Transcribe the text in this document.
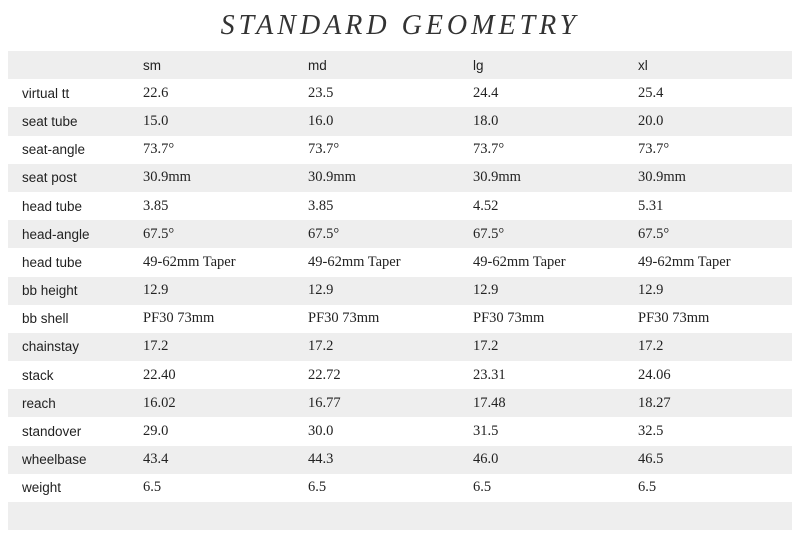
STANDARD GEOMETRY
sm	md	lg	xl
virtual tt	22.6	23.5	24.4	25.4
seat tube	15.0	16.0	18.0	20.0
seat-angle	73.7°	73.7°	73.7°	73.7°
seat post	30.9mm	30.9mm	30.9mm	30.9mm
head tube	3.85	3.85	4.52	5.31
head-angle	67.5°	67.5°	67.5°	67.5°
head tube	49-62mm Taper	49-62mm Taper	49-62mm Taper	49-62mm Taper
bb height	12.9	12.9	12.9	12.9
bb shell	PF30 73mm	PF30 73mm	PF30 73mm	PF30 73mm
chainstay	17.2	17.2	17.2	17.2
stack	22.40	22.72	23.31	24.06
reach	16.02	16.77	17.48	18.27
standover	29.0	30.0	31.5	32.5
wheelbase	43.4	44.3	46.0	46.5
weight	6.5	6.5	6.5	6.5
